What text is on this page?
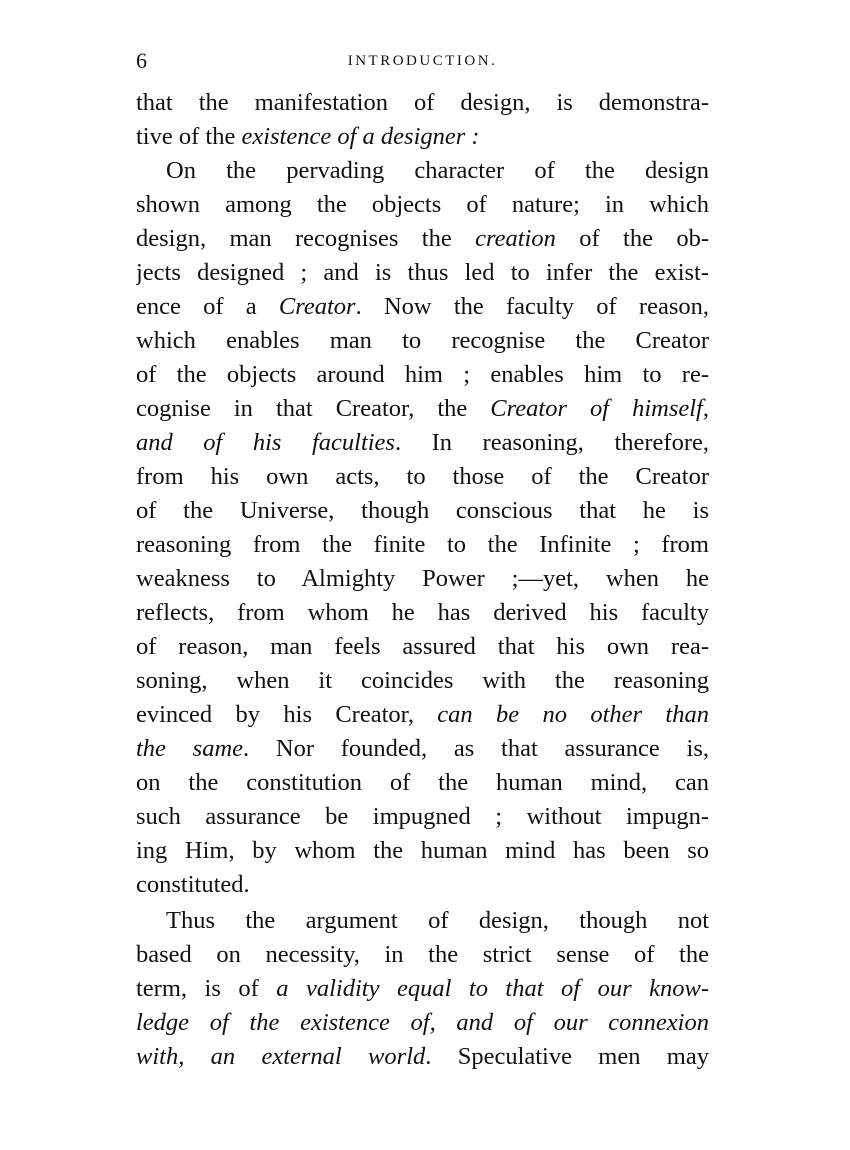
6	INTRODUCTION.
that the manifestation of design, is demonstra-
tive of the existence of a designer :
On the pervading character of the design
shown among the objects of nature; in which
design, man recognises the creation of the ob-
jects designed ; and is thus led to infer the exist-
ence of a Creator. Now the faculty of reason,
which enables man to recognise the Creator
of the objects around him ; enables him to re-
cognise in that Creator, the Creator of himself,
and of his faculties. In reasoning, therefore,
from his own acts, to those of the Creator
of the Universe, though conscious that he is
reasoning from the finite to the Infinite ; from
weakness to Almighty Power ;—yet, when he
reflects, from whom he has derived his faculty
of reason, man feels assured that his own rea-
soning, when it coincides with the reasoning
evinced by his Creator, can be no other than
the same. Nor founded, as that assurance is,
on the constitution of the human mind, can
such assurance be impugned ; without impugn-
ing Him, by whom the human mind has been so
constituted.
Thus the argument of design, though not
based on necessity, in the strict sense of the
term, is of a validity equal to that of our know-
ledge of the existence of, and of our connexion
with, an external world. Speculative men may
